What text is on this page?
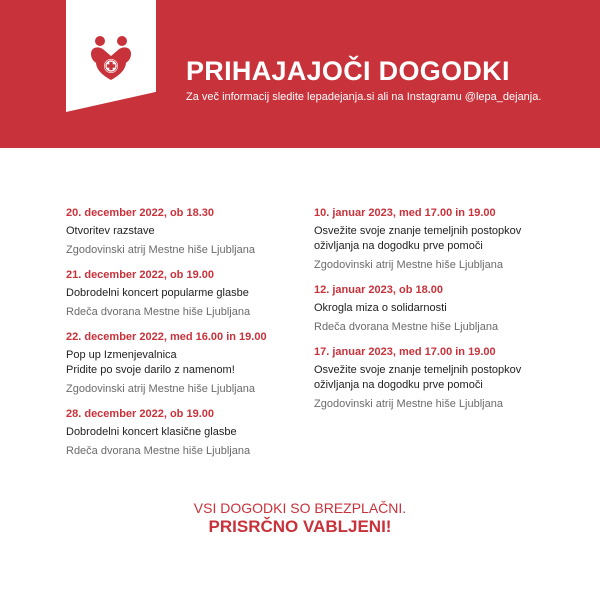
PRIHAJAJOČI DOGODKI
Za več informacij sledite lepadejanja.si ali na Instagramu @lepa_dejanja.
20. december 2022, ob 18.30
Otvoritev razstave
Zgodovinski atrij Mestne hiše Ljubljana
21. december 2022, ob 19.00
Dobrodelni koncert popularme glasbe
Rdeča dvorana Mestne hiše Ljubljana
22. december 2022, med 16.00 in 19.00
Pop up Izmenjevalnica
Pridite po svoje darilo z namenom!
Zgodovinski atrij Mestne hiše Ljubljana
28. december 2022, ob 19.00
Dobrodelni koncert klasične glasbe
Rdeča dvorana Mestne hiše Ljubljana
10. januar 2023, med 17.00 in 19.00
Osvežite svoje znanje temeljnih postopkov
oživljanja na dogodku prve pomoči
Zgodovinski atrij Mestne hiše Ljubljana
12. januar 2023, ob 18.00
Okrogla miza o solidarnosti
Rdeča dvorana Mestne hiše Ljubljana
17. januar 2023, med 17.00 in 19.00
Osvežite svoje znanje temeljnih postopkov
oživljanja na dogodku prve pomoči
Zgodovinski atrij Mestne hiše Ljubljana
VSI DOGODKI SO BREZPLAČNI.
PRISRČNO VABLJENI!
